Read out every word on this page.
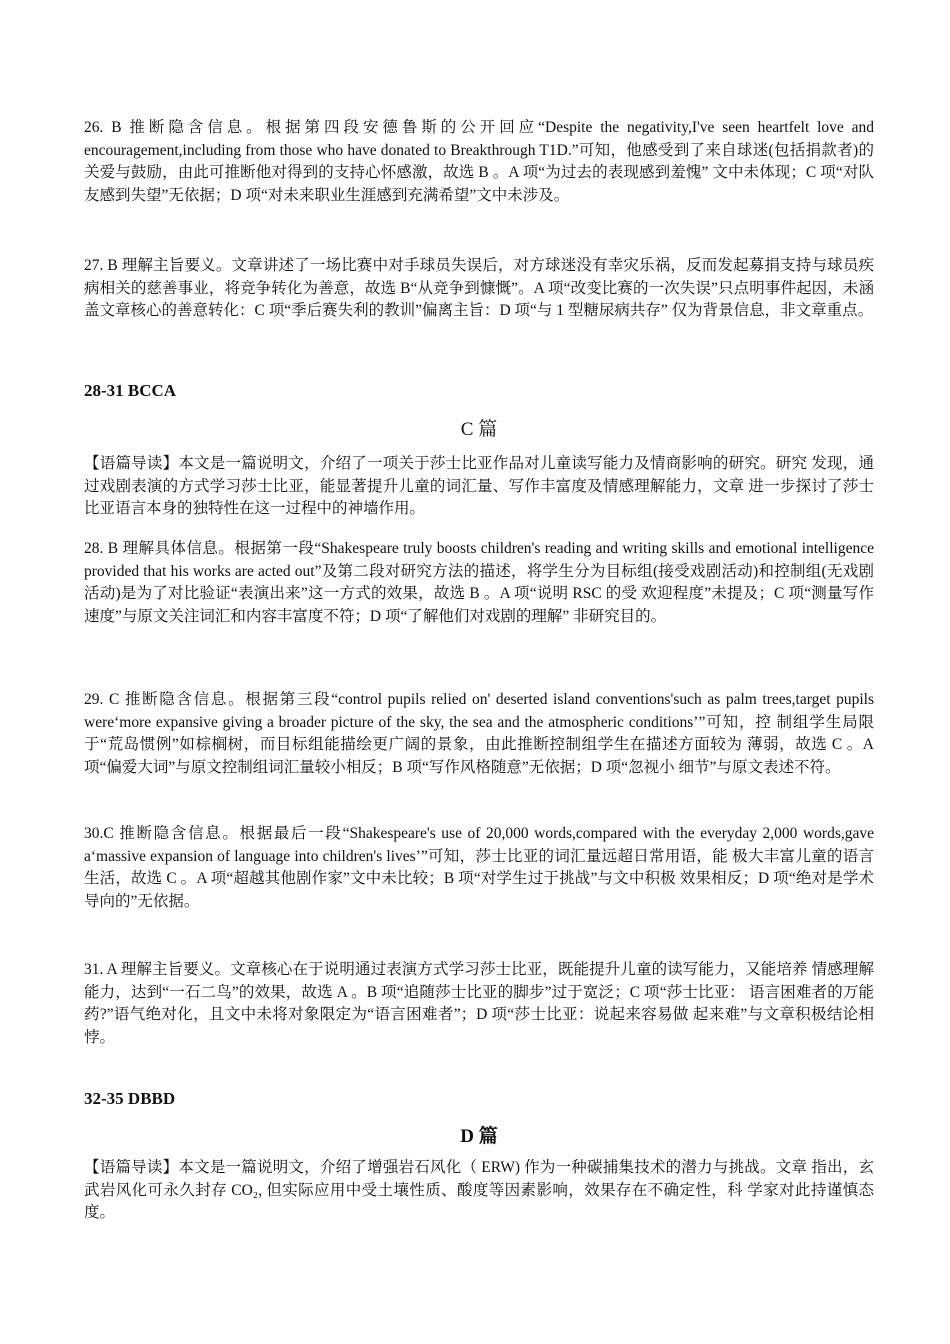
26. B 推断隐含信息。根据第四段安德鲁斯的公开回应“Despite the negativity,I've seen heartfelt love and encouragement,including from those who have donated to Breakthrough T1D.”可知，他感受到了来自球迷(包括捐款者)的关爱与鼓励，由此可推断他对得到的支持心怀感激，故选 B 。A 项“为过去的表现感到羞愧” 文中未体现；C 项“对队友感到失望”无依据；D 项“对未来职业生涯感到充满希望”文中未涉及。

27. B 理解主旨要义。文章讲述了一场比赛中对手球员失误后，对方球迷没有幸灾乐祸，反而发起募捐支持与球员疾病相关的慈善事业，将竞争转化为善意，故选 B“从竞争到慷慨”。A 项“改变比赛的一次失误”只点明事件起因，未涵盖文章核心的善意转化：C 项“季后赛失利的教训”偏离主旨：D 项“与 1 型糖尿病共存” 仅为背景信息，非文章重点。

28-31 BCCA

C 篇

【语篇导读】本文是一篇说明文，介绍了一项关于莎士比亚作品对儿童读写能力及情商影响的研究。研究 发现，通过戏剧表演的方式学习莎士比亚，能显著提升儿童的词汇量、写作丰富度及情感理解能力，文章 进一步探讨了莎士比亚语言本身的独特性在这一过程中的神墙作用。

28. B 理解具体信息。根据第一段“Shakespeare truly boosts children's reading and writing skills and emotional intelligence provided that his works are acted out”及第二段对研究方法的描述，将学生分为目标组(接受戏剧活动)和控制组(无戏剧活动)是为了对比验证“表演出来”这一方式的效果，故选 B 。A 项“说明 RSC 的受 欢迎程度”未提及；C 项“测量写作速度”与原文关注词汇和内容丰富度不符；D 项“了解他们对戏剧的理解” 非研究目的。

29. C 推断隐含信息。根据第三段“control pupils relied on' deserted island conventions'such as palm trees,target pupils were‘more expansive giving a broader picture of the sky, the sea and the atmospheric conditions’”可知，控 制组学生局限于“荒岛惯例”如棕榈树，而目标组能描绘更广阔的景象，由此推断控制组学生在描述方面较为 薄弱，故选 C 。A 项“偏爱大词”与原文控制组词汇量较小相反；B 项“写作风格随意”无依据；D 项“忽视小 细节”与原文表述不符。

30.C 推断隐含信息。根据最后一段“Shakespeare's use of 20,000 words,compared with the everyday 2,000 words,gave a‘massive expansion of language into children's lives’”可知，莎士比亚的词汇量远超日常用语，能 极大丰富儿童的语言生活，故选 C 。A 项“超越其他剧作家”文中未比较；B 项“对学生过于挑战”与文中积极 效果相反；D 项“绝对是学术导向的”无依据。

31. A 理解主旨要义。文章核心在于说明通过表演方式学习莎士比亚，既能提升儿童的读写能力，又能培养 情感理解能力，达到“一石二鸟”的效果，故选 A 。B 项“追随莎士比亚的脚步”过于宽泛；C 项“莎士比亚： 语言困难者的万能药?”语气绝对化，且文中未将对象限定为“语言困难者”；D 项“莎士比亚：说起来容易做 起来难”与文章积极结论相悖。

32-35 DBBD

D 篇

【语篇导读】本文是一篇说明文，介绍了增强岩石风化（ ERW) 作为一种碳捕集技术的潜力与挑战。文章 指出，玄武岩风化可永久封存 CO₂, 但实际应用中受土壤性质、酸度等因素影响，效果存在不确定性，科 学家对此持谨慎态度。
